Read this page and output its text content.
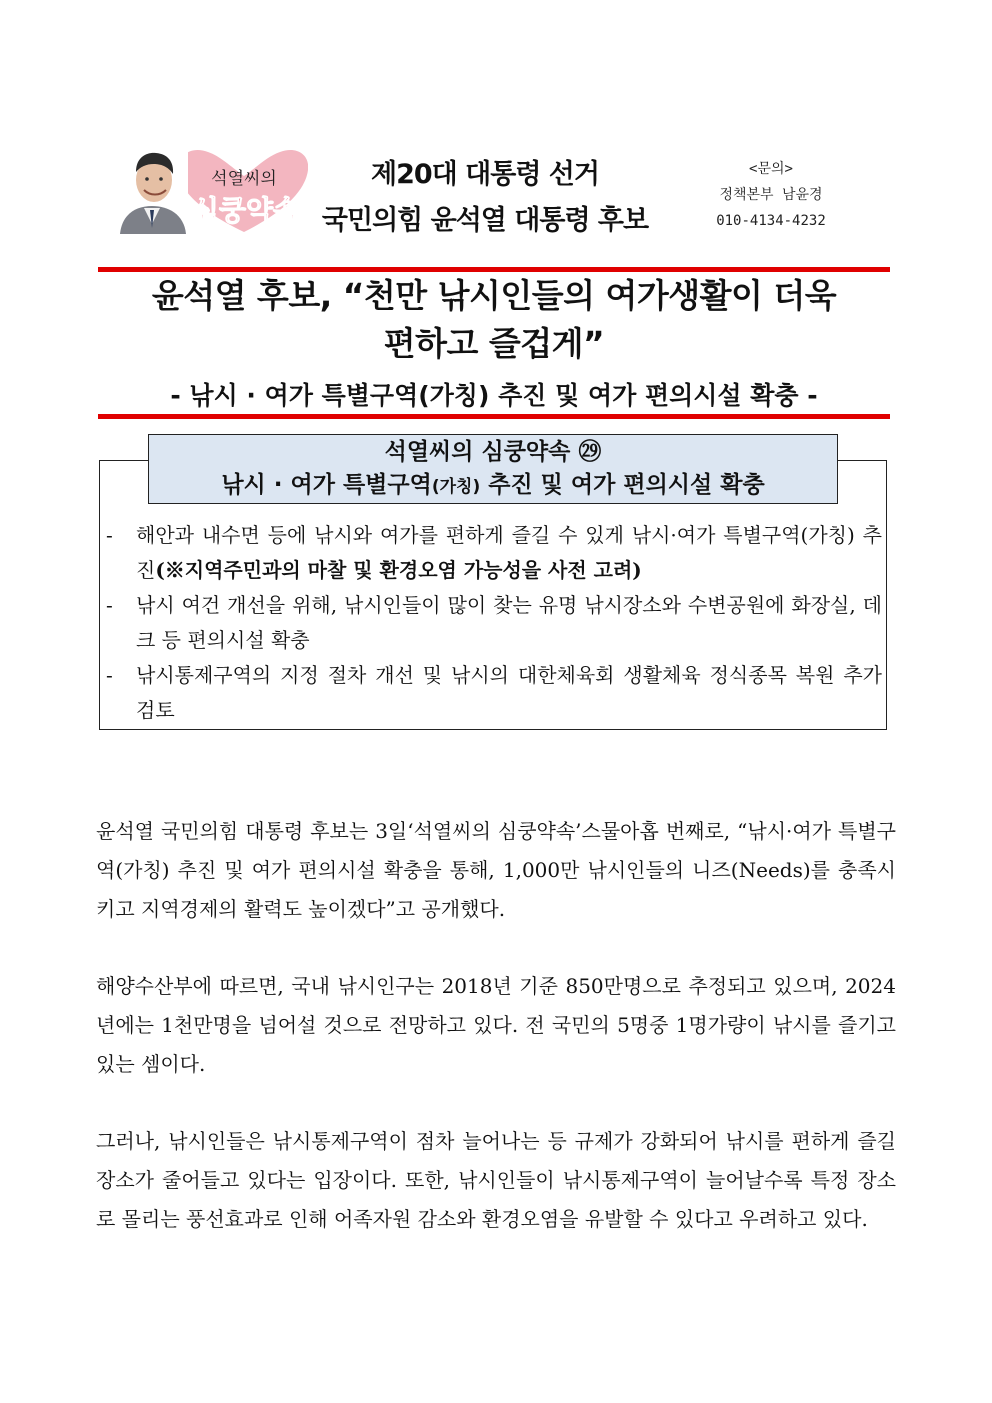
석열씨의
심쿵약속
제20대 대통령 선거
국민의힘 윤석열 대통령 후보
<문의>
정책본부 남윤경
010-4134-4232
윤석열 후보, “천만 낚시인들의 여가생활이 더욱
편하고 즐겁게”
- 낚시 · 여가 특별구역(가칭) 추진 및 여가 편의시설 확충 -
석열씨의 심쿵약속 ㉙
낚시 · 여가 특별구역(가칭) 추진 및 여가 편의시설 확충
- 해안과 내수면 등에 낚시와 여가를 편하게 즐길 수 있게 낚시·여가 특별구역(가칭) 추진(※지역주민과의 마찰 및 환경오염 가능성을 사전 고려)
- 낚시 여건 개선을 위해, 낚시인들이 많이 찾는 유명 낚시장소와 수변공원에 화장실, 데크 등 편의시설 확충
- 낚시통제구역의 지정 절차 개선 및 낚시의 대한체육회 생활체육 정식종목 복원 추가 검토

윤석열 국민의힘 대통령 후보는 3일‘석열씨의 심쿵약속’스물아홉 번째로, “낚시·여가 특별구역(가칭) 추진 및 여가 편의시설 확충을 통해, 1,000만 낚시인들의 니즈(Needs)를 충족시키고 지역경제의 활력도 높이겠다”고 공개했다.

해양수산부에 따르면, 국내 낚시인구는 2018년 기준 850만명으로 추정되고 있으며, 2024년에는 1천만명을 넘어설 것으로 전망하고 있다. 전 국민의 5명중 1명가량이 낚시를 즐기고 있는 셈이다.

그러나, 낚시인들은 낚시통제구역이 점차 늘어나는 등 규제가 강화되어 낚시를 편하게 즐길 장소가 줄어들고 있다는 입장이다. 또한, 낚시인들이 낚시통제구역이 늘어날수록 특정 장소로 몰리는 풍선효과로 인해 어족자원 감소와 환경오염을 유발할 수 있다고 우려하고 있다.
